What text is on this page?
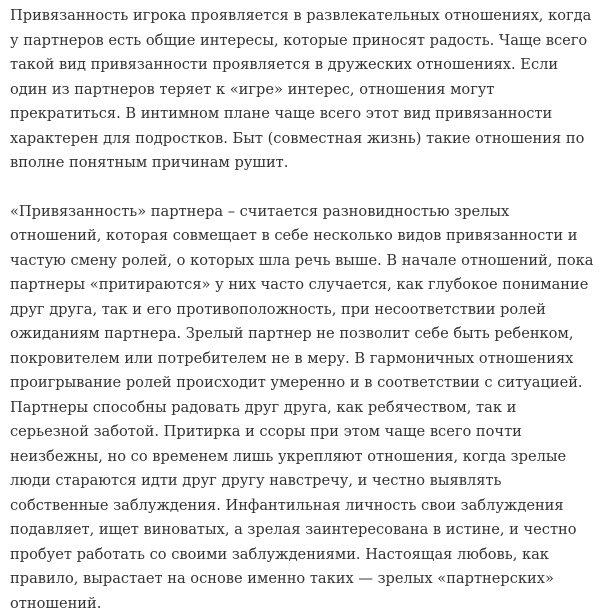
Привязанность игрока проявляется в развлекательных отношениях, когда у партнеров есть общие интересы, которые приносят радость. Чаще всего такой вид привязанности проявляется в дружеских отношениях. Если один из партнеров теряет к «игре» интерес, отношения могут прекратиться. В интимном плане чаще всего этот вид привязанности характерен для подростков. Быт (совместная жизнь) такие отношения по вполне понятным причинам рушит.

«Привязанность» партнера – считается разновидностью зрелых отношений, которая совмещает в себе несколько видов привязанности и частую смену ролей, о которых шла речь выше. В начале отношений, пока партнеры «притираются» у них часто случается, как глубокое понимание друг друга, так и его противоположность, при несоответствии ролей ожиданиям партнера. Зрелый партнер не позволит себе быть ребенком, покровителем или потребителем не в меру. В гармоничных отношениях проигрывание ролей происходит умеренно и в соответствии с ситуацией. Партнеры способны радовать друг друга, как ребячеством, так и серьезной заботой. Притирка и ссоры при этом чаще всего почти неизбежны, но со временем лишь укрепляют отношения, когда зрелые люди стараются идти друг другу навстречу, и честно выявлять собственные заблуждения. Инфантильная личность свои заблуждения подавляет, ищет виноватых, а зрелая заинтересована в истине, и честно пробует работать со своими заблуждениями. Настоящая любовь, как правило, вырастает на основе именно таких — зрелых «партнерских» отношений.
